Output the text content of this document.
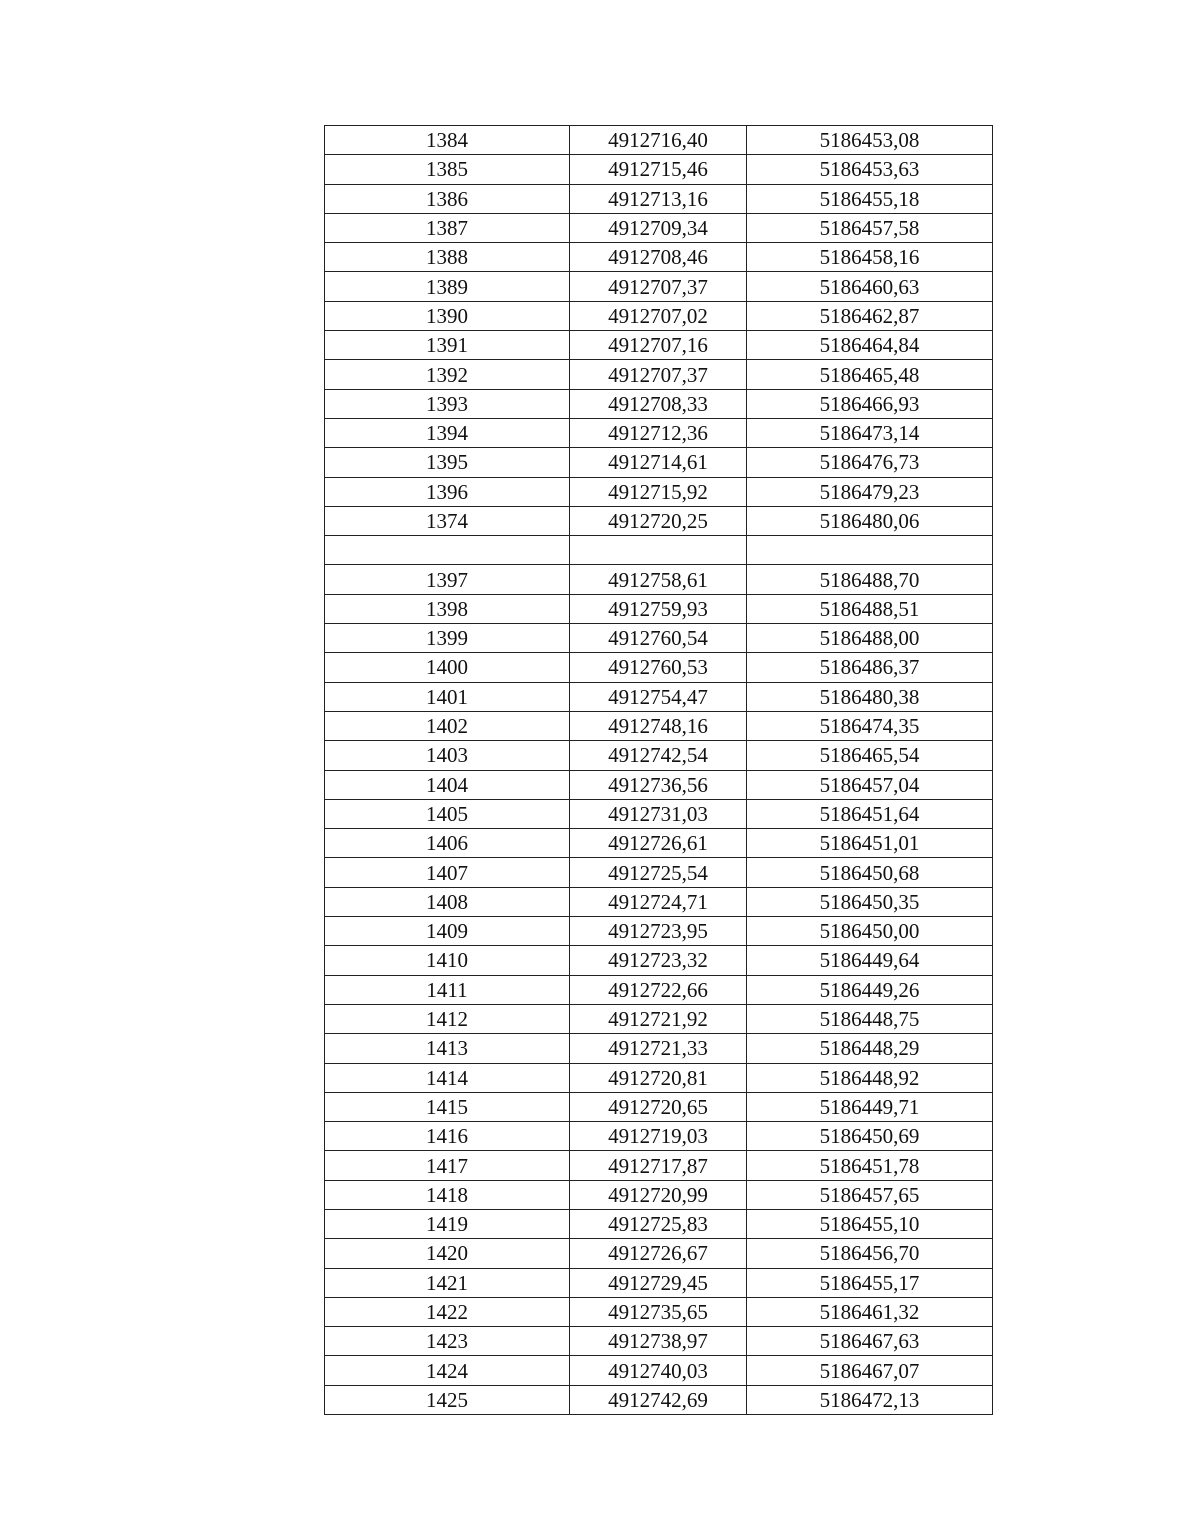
1384	4912716,40	5186453,08
1385	4912715,46	5186453,63
1386	4912713,16	5186455,18
1387	4912709,34	5186457,58
1388	4912708,46	5186458,16
1389	4912707,37	5186460,63
1390	4912707,02	5186462,87
1391	4912707,16	5186464,84
1392	4912707,37	5186465,48
1393	4912708,33	5186466,93
1394	4912712,36	5186473,14
1395	4912714,61	5186476,73
1396	4912715,92	5186479,23
1374	4912720,25	5186480,06

1397	4912758,61	5186488,70
1398	4912759,93	5186488,51
1399	4912760,54	5186488,00
1400	4912760,53	5186486,37
1401	4912754,47	5186480,38
1402	4912748,16	5186474,35
1403	4912742,54	5186465,54
1404	4912736,56	5186457,04
1405	4912731,03	5186451,64
1406	4912726,61	5186451,01
1407	4912725,54	5186450,68
1408	4912724,71	5186450,35
1409	4912723,95	5186450,00
1410	4912723,32	5186449,64
1411	4912722,66	5186449,26
1412	4912721,92	5186448,75
1413	4912721,33	5186448,29
1414	4912720,81	5186448,92
1415	4912720,65	5186449,71
1416	4912719,03	5186450,69
1417	4912717,87	5186451,78
1418	4912720,99	5186457,65
1419	4912725,83	5186455,10
1420	4912726,67	5186456,70
1421	4912729,45	5186455,17
1422	4912735,65	5186461,32
1423	4912738,97	5186467,63
1424	4912740,03	5186467,07
1425	4912742,69	5186472,13
